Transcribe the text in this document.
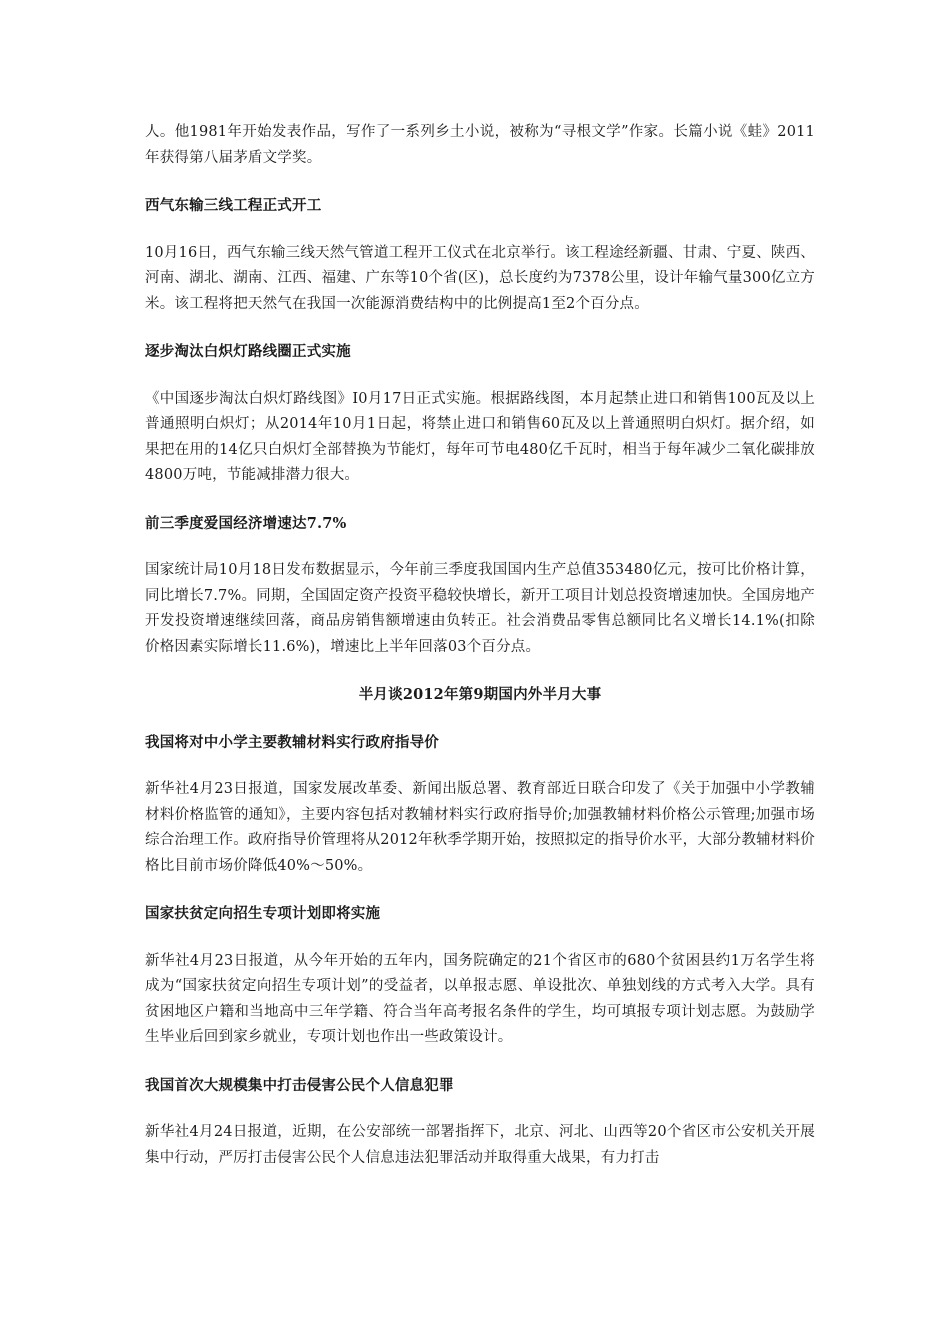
人。他1981年开始发表作品，写作了一系列乡土小说，被称为“寻根文学”作家。长篇小说《蛙》2011年获得第八届茅盾文学奖。

西气东输三线工程正式开工

10月16日，西气东输三线天然气管道工程开工仪式在北京举行。该工程途经新疆、甘肃、宁夏、陕西、河南、湖北、湖南、江西、福建、广东等10个省(区)，总长度约为7378公里，设计年输气量300亿立方米。该工程将把天然气在我国一次能源消费结构中的比例提高1至2个百分点。

逐步淘汰白炽灯路线圈正式实施

《中国逐步淘汰白炽灯路线图》I0月17日正式实施。根据路线图，本月起禁止进口和销售100瓦及以上普通照明白炽灯；从2014年10月1日起，将禁止进口和销售60瓦及以上普通照明白炽灯。据介绍，如果把在用的14亿只白炽灯全部替换为节能灯，每年可节电480亿千瓦时，相当于每年减少二氧化碳排放4800万吨，节能减排潜力很大。

前三季度爱国经济增速达7.7%

国家统计局10月18日发布数据显示，今年前三季度我国国内生产总值353480亿元，按可比价格计算，同比增长7.7%。同期，全国固定资产投资平稳较快增长，新开工项目计划总投资增速加快。全国房地产开发投资增速继续回落，商品房销售额增速由负转正。社会消费品零售总额同比名义增长14.1%(扣除价格因素实际增长11.6%)，增速比上半年回落03个百分点。

半月谈2012年第9期国内外半月大事

我国将对中小学主要教辅材料实行政府指导价

新华社4月23日报道，国家发展改革委、新闻出版总署、教育部近日联合印发了《关于加强中小学教辅材料价格监管的通知》，主要内容包括对教辅材料实行政府指导价;加强教辅材料价格公示管理;加强市场综合治理工作。政府指导价管理将从2012年秋季学期开始，按照拟定的指导价水平，大部分教辅材料价格比目前市场价降低40%～50%。

国家扶贫定向招生专项计划即将实施

新华社4月23日报道，从今年开始的五年内，国务院确定的21个省区市的680个贫困县约1万名学生将成为“国家扶贫定向招生专项计划”的受益者，以单报志愿、单设批次、单独划线的方式考入大学。具有贫困地区户籍和当地高中三年学籍、符合当年高考报名条件的学生，均可填报专项计划志愿。为鼓励学生毕业后回到家乡就业，专项计划也作出一些政策设计。

我国首次大规模集中打击侵害公民个人信息犯罪

新华社4月24日报道，近期，在公安部统一部署指挥下，北京、河北、山西等20个省区市公安机关开展集中行动，严厉打击侵害公民个人信息违法犯罪活动并取得重大战果，有力打击
